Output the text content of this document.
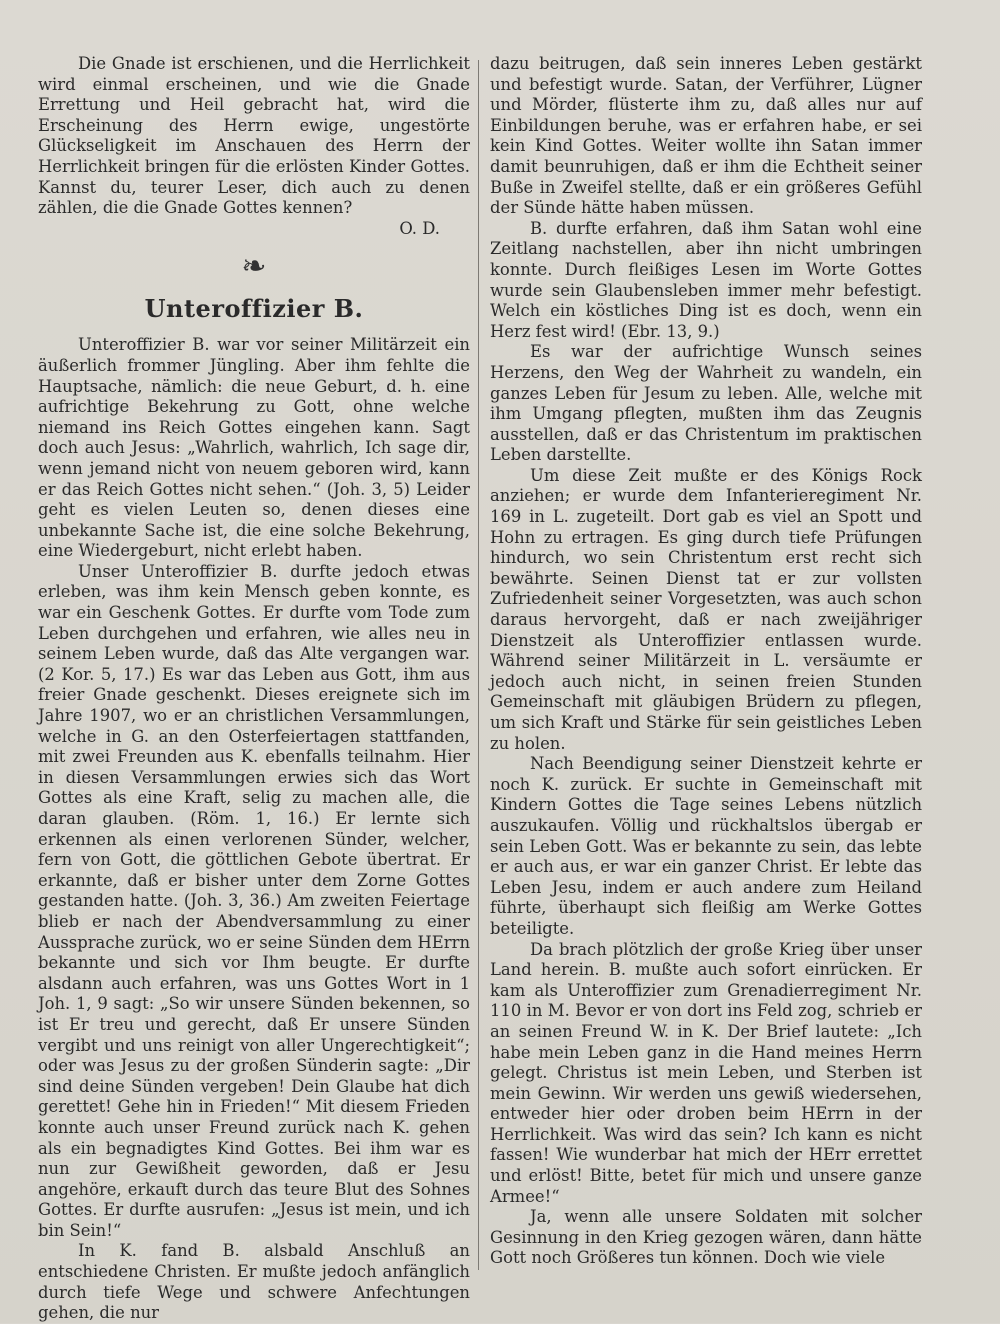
Die Gnade ist erschienen, und die Herrlichkeit wird einmal erscheinen, und wie die Gnade Errettung und Heil gebracht hat, wird die Erscheinung des Herrn ewige, ungestörte Glückseligkeit im Anschauen des Herrn der Herrlichkeit bringen für die erlösten Kinder Gottes. Kannst du, teurer Leser, dich auch zu denen zählen, die die Gnade Gottes kennen?

O. D.

❧
Unteroffizier B.

Unteroffizier B. war vor seiner Militärzeit ein äußerlich frommer Jüngling. Aber ihm fehlte die Hauptsache, nämlich: die neue Geburt, d. h. eine aufrichtige Bekehrung zu Gott, ohne welche niemand ins Reich Gottes eingehen kann. Sagt doch auch Jesus: „Wahrlich, wahrlich, Ich sage dir, wenn jemand nicht von neuem geboren wird, kann er das Reich Gottes nicht sehen.“ (Joh. 3, 5) Leider geht es vielen Leuten so, denen dieses eine unbekannte Sache ist, die eine solche Bekehrung, eine Wiedergeburt, nicht erlebt haben.

Unser Unteroffizier B. durfte jedoch etwas erleben, was ihm kein Mensch geben konnte, es war ein Geschenk Gottes. Er durfte vom Tode zum Leben durchgehen und erfahren, wie alles neu in seinem Leben wurde, daß das Alte vergangen war. (2 Kor. 5, 17.) Es war das Leben aus Gott, ihm aus freier Gnade geschenkt. Dieses ereignete sich im Jahre 1907, wo er an christlichen Versammlungen, welche in G. an den Osterfeiertagen stattfanden, mit zwei Freunden aus K. ebenfalls teilnahm. Hier in diesen Versammlungen erwies sich das Wort Gottes als eine Kraft, selig zu machen alle, die daran glauben. (Röm. 1, 16.) Er lernte sich erkennen als einen verlorenen Sünder, welcher, fern von Gott, die göttlichen Gebote übertrat. Er erkannte, daß er bisher unter dem Zorne Gottes gestanden hatte. (Joh. 3, 36.) Am zweiten Feiertage blieb er nach der Abendversammlung zu einer Aussprache zurück, wo er seine Sünden dem HErrn bekannte und sich vor Ihm beugte. Er durfte alsdann auch erfahren, was uns Gottes Wort in 1 Joh. 1, 9 sagt: „So wir unsere Sünden bekennen, so ist Er treu und gerecht, daß Er unsere Sünden vergibt und uns reinigt von aller Ungerechtigkeit“; oder was Jesus zu der großen Sünderin sagte: „Dir sind deine Sünden vergeben! Dein Glaube hat dich gerettet! Gehe hin in Frieden!“ Mit diesem Frieden konnte auch unser Freund zurück nach K. gehen als ein begnadigtes Kind Gottes. Bei ihm war es nun zur Gewißheit geworden, daß er Jesu angehöre, erkauft durch das teure Blut des Sohnes Gottes. Er durfte ausrufen: „Jesus ist mein, und ich bin Sein!“

In K. fand B. alsbald Anschluß an entschiedene Christen. Er mußte jedoch anfänglich durch tiefe Wege und schwere Anfechtungen gehen, die nur

dazu beitrugen, daß sein inneres Leben gestärkt und befestigt wurde. Satan, der Verführer, Lügner und Mörder, flüsterte ihm zu, daß alles nur auf Einbildungen beruhe, was er erfahren habe, er sei kein Kind Gottes. Weiter wollte ihn Satan immer damit beunruhigen, daß er ihm die Echtheit seiner Buße in Zweifel stellte, daß er ein größeres Gefühl der Sünde hätte haben müssen.

B. durfte erfahren, daß ihm Satan wohl eine Zeitlang nachstellen, aber ihn nicht umbringen konnte. Durch fleißiges Lesen im Worte Gottes wurde sein Glaubensleben immer mehr befestigt. Welch ein köstliches Ding ist es doch, wenn ein Herz fest wird! (Ebr. 13, 9.)

Es war der aufrichtige Wunsch seines Herzens, den Weg der Wahrheit zu wandeln, ein ganzes Leben für Jesum zu leben. Alle, welche mit ihm Umgang pflegten, mußten ihm das Zeugnis ausstellen, daß er das Christentum im praktischen Leben darstellte.

Um diese Zeit mußte er des Königs Rock anziehen; er wurde dem Infanterieregiment Nr. 169 in L. zugeteilt. Dort gab es viel an Spott und Hohn zu ertragen. Es ging durch tiefe Prüfungen hindurch, wo sein Christentum erst recht sich bewährte. Seinen Dienst tat er zur vollsten Zufriedenheit seiner Vorgesetzten, was auch schon daraus hervorgeht, daß er nach zweijähriger Dienstzeit als Unteroffizier entlassen wurde. Während seiner Militärzeit in L. versäumte er jedoch auch nicht, in seinen freien Stunden Gemeinschaft mit gläubigen Brüdern zu pflegen, um sich Kraft und Stärke für sein geistliches Leben zu holen.

Nach Beendigung seiner Dienstzeit kehrte er noch K. zurück. Er suchte in Gemeinschaft mit Kindern Gottes die Tage seines Lebens nützlich auszukaufen. Völlig und rückhaltslos übergab er sein Leben Gott. Was er bekannte zu sein, das lebte er auch aus, er war ein ganzer Christ. Er lebte das Leben Jesu, indem er auch andere zum Heiland führte, überhaupt sich fleißig am Werke Gottes beteiligte.

Da brach plötzlich der große Krieg über unser Land herein. B. mußte auch sofort einrücken. Er kam als Unteroffizier zum Grenadierregiment Nr. 110 in M. Bevor er von dort ins Feld zog, schrieb er an seinen Freund W. in K. Der Brief lautete: „Ich habe mein Leben ganz in die Hand meines Herrn gelegt. Christus ist mein Leben, und Sterben ist mein Gewinn. Wir werden uns gewiß wiedersehen, entweder hier oder droben beim HErrn in der Herrlichkeit. Was wird das sein? Ich kann es nicht fassen! Wie wunderbar hat mich der HErr errettet und erlöst! Bitte, betet für mich und unsere ganze Armee!“

Ja, wenn alle unsere Soldaten mit solcher Gesinnung in den Krieg gezogen wären, dann hätte Gott noch Größeres tun können. Doch wie viele
